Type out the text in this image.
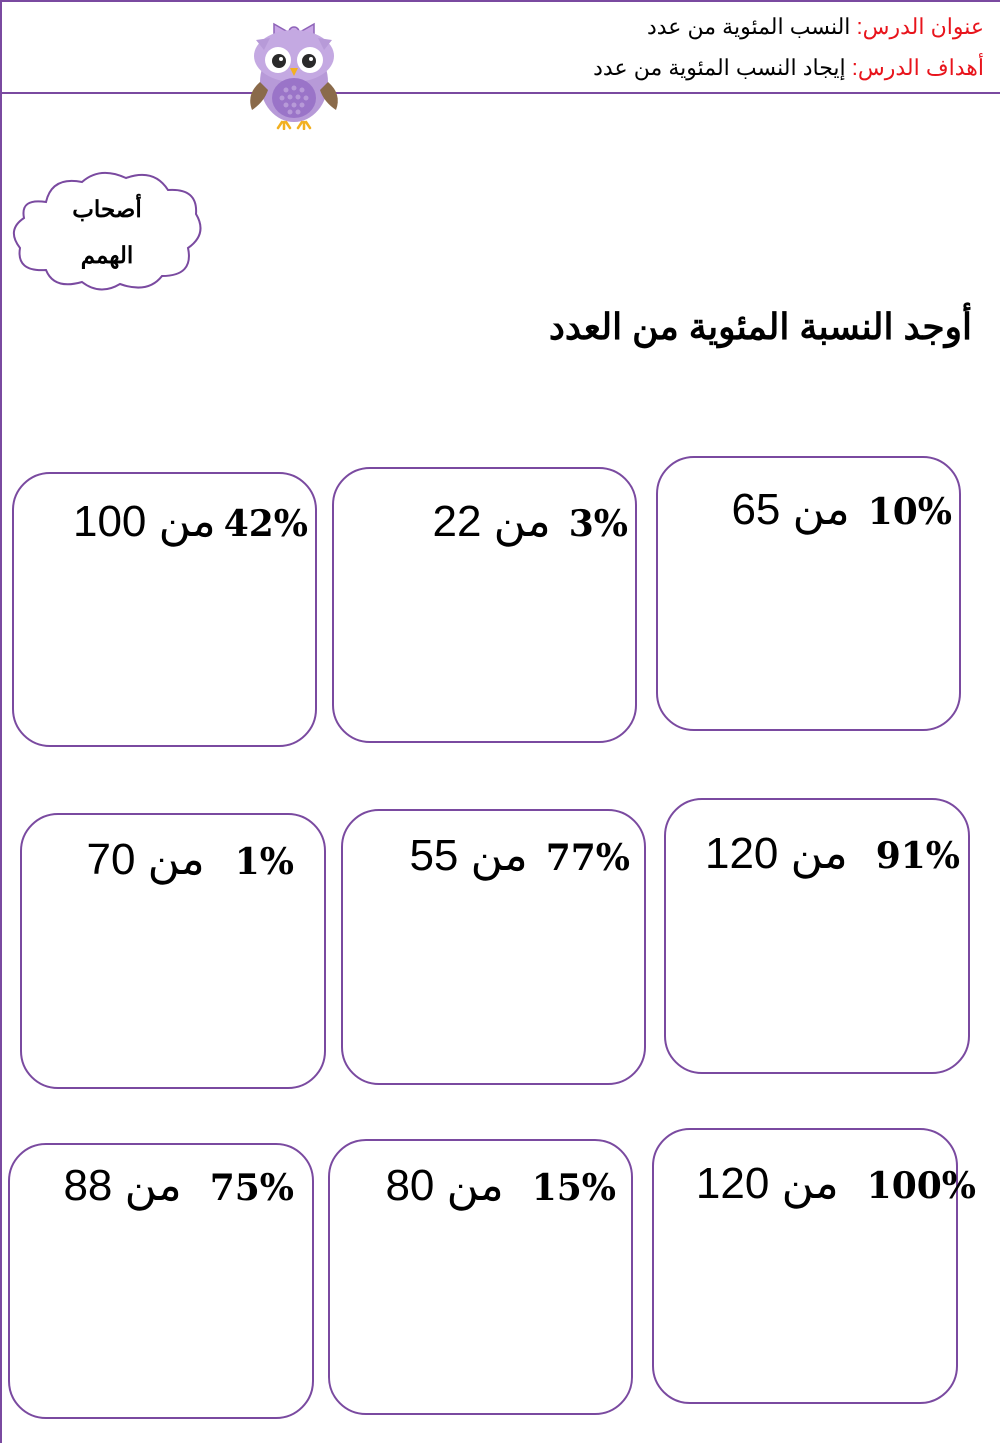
عنوان الدرس: النسب المئوية من عدد
أهداف الدرس: إيجاد النسب المئوية من عدد
أصحاب
الهمم
أوجد النسبة المئوية من العدد
10%من 65
3%من 22
42%من 100
91%من 120
77%من 55
1%من 70
100%من 120
15%من 80
75%من 88
